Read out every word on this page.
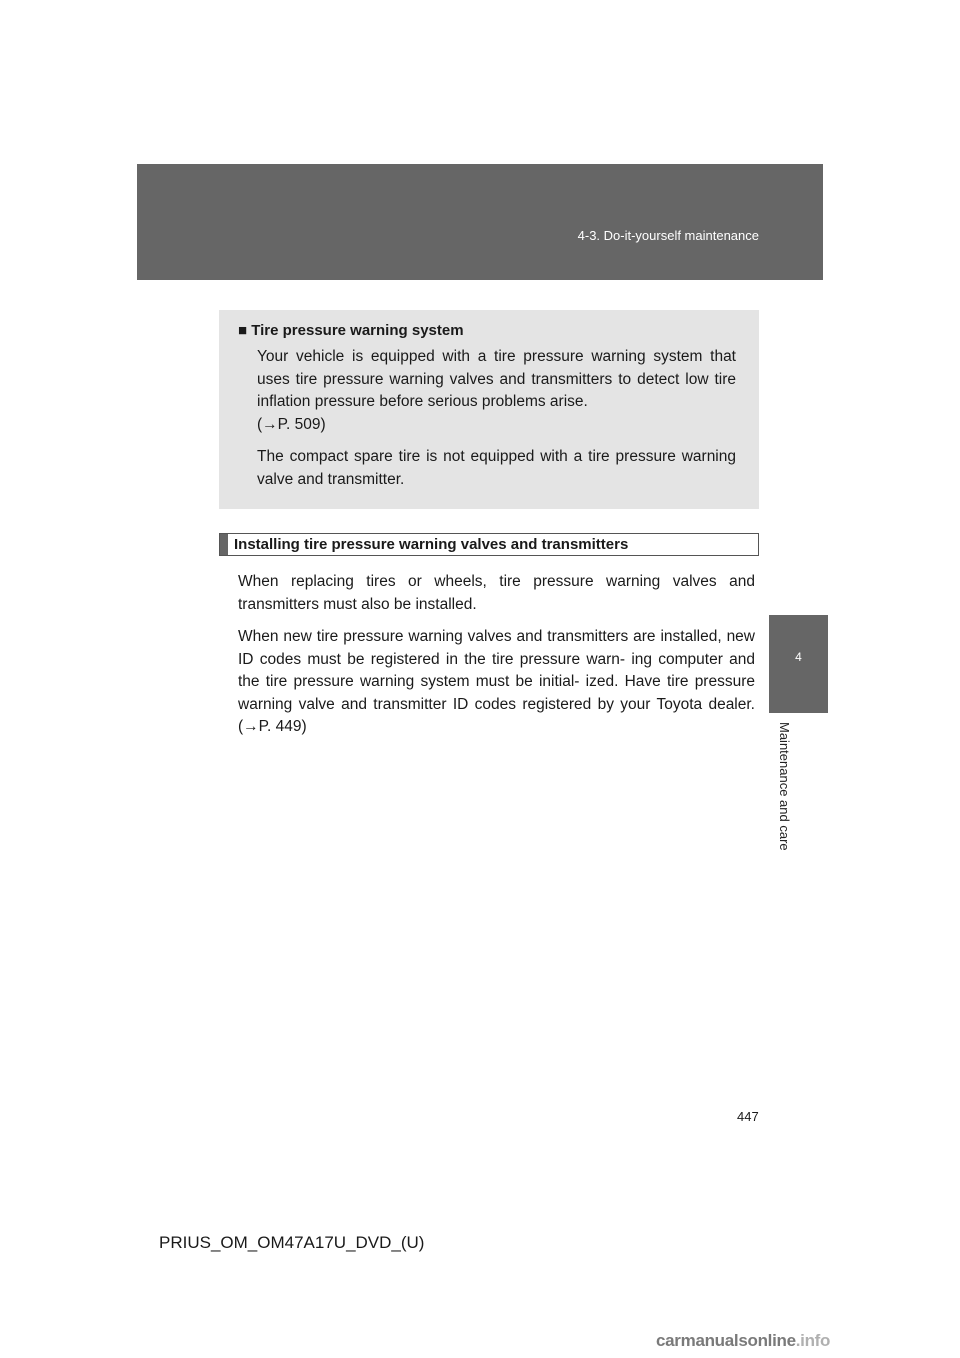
4-3. Do-it-yourself maintenance
4
Maintenance and care
■ Tire pressure warning system

Your vehicle is equipped with a tire pressure warning system that uses tire pressure warning valves and transmitters to detect low tire inflation pressure before serious problems arise.
(→P. 509)

The compact spare tire is not equipped with a tire pressure warning valve and transmitter.

Installing tire pressure warning valves and transmitters

When replacing tires or wheels, tire pressure warning valves and transmitters must also be installed.

When new tire pressure warning valves and transmitters are installed, new ID codes must be registered in the tire pressure warn- ing computer and the tire pressure warning system must be initial- ized. Have tire pressure warning valve and transmitter ID codes registered by your Toyota dealer. (→P. 449)

447
PRIUS_OM_OM47A17U_DVD_(U)
carmanualsonline.info
